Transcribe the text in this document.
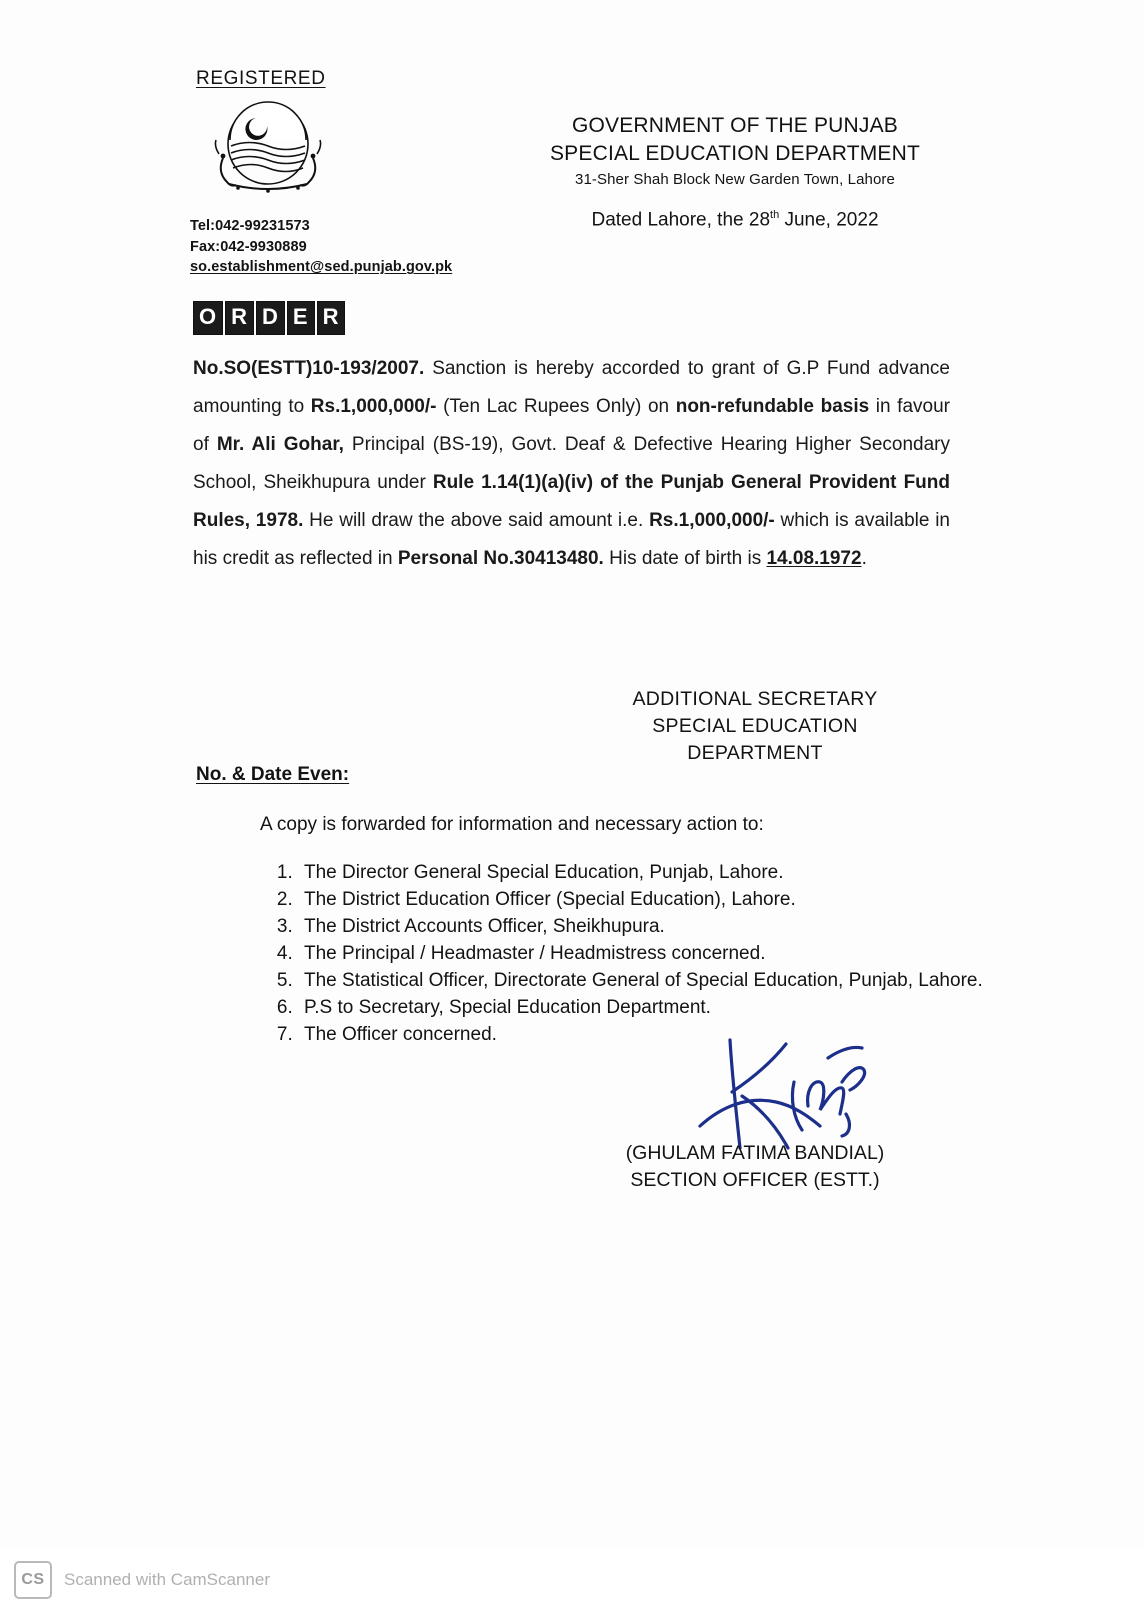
REGISTERED
Tel:042-99231573
Fax:042-9930889
so.establishment@sed.punjab.gov.pk
GOVERNMENT OF THE PUNJAB
SPECIAL EDUCATION DEPARTMENT
31-Sher Shah Block New Garden Town, Lahore
Dated Lahore, the 28th June, 2022
O R D E R
No.SO(ESTT)10-193/2007. Sanction is hereby accorded to grant of G.P Fund advance amounting to Rs.1,000,000/- (Ten Lac Rupees Only) on non-refundable basis in favour of Mr. Ali Gohar, Principal (BS-19), Govt. Deaf & Defective Hearing Higher Secondary School, Sheikhupura under Rule 1.14(1)(a)(iv) of the Punjab General Provident Fund Rules, 1978. He will draw the above said amount i.e. Rs.1,000,000/- which is available in his credit as reflected in Personal No.30413480. His date of birth is 14.08.1972.
ADDITIONAL SECRETARY
SPECIAL EDUCATION
DEPARTMENT
No. & Date Even:
A copy is forwarded for information and necessary action to:
1. The Director General Special Education, Punjab, Lahore.
2. The District Education Officer (Special Education), Lahore.
3. The District Accounts Officer, Sheikhupura.
4. The Principal / Headmaster / Headmistress concerned.
5. The Statistical Officer, Directorate General of Special Education, Punjab, Lahore.
6. P.S to Secretary, Special Education Department.
7. The Officer concerned.
(GHULAM FATIMA BANDIAL)
SECTION OFFICER (ESTT.)
CS	Scanned with CamScanner
